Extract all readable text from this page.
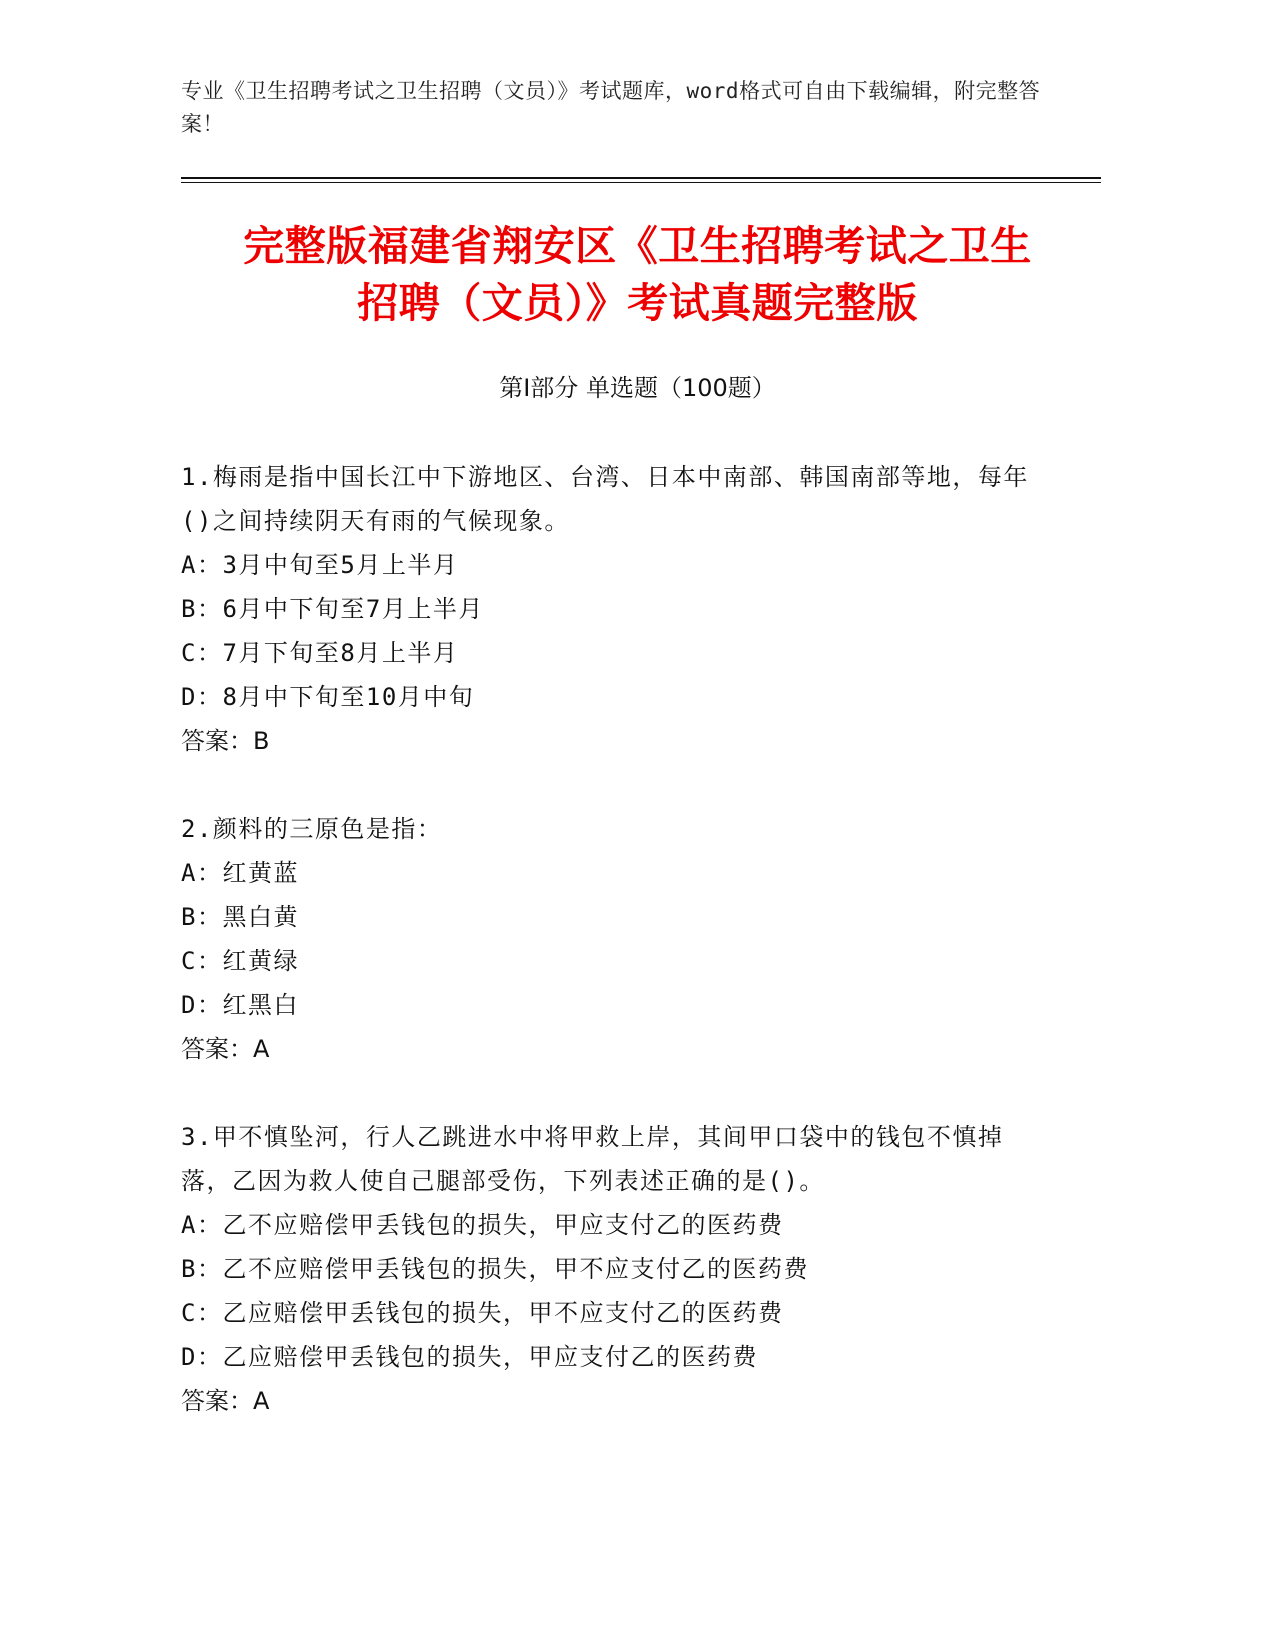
专业《卫生招聘考试之卫生招聘（文员）》考试题库，word格式可自由下载编辑，附完整答案！
完整版福建省翔安区《卫生招聘考试之卫生
招聘（文员）》考试真题完整版
第I部分 单选题（100题）
1.梅雨是指中国长江中下游地区、台湾、日本中南部、韩国南部等地，每年()之间持续阴天有雨的气候现象。
A：3月中旬至5月上半月
B：6月中下旬至7月上半月
C：7月下旬至8月上半月
D：8月中下旬至10月中旬
答案：B
2.颜料的三原色是指：
A：红黄蓝
B：黑白黄
C：红黄绿
D：红黑白
答案：A
3.甲不慎坠河，行人乙跳进水中将甲救上岸，其间甲口袋中的钱包不慎掉落，乙因为救人使自己腿部受伤，下列表述正确的是()。
A：乙不应赔偿甲丢钱包的损失，甲应支付乙的医药费
B：乙不应赔偿甲丢钱包的损失，甲不应支付乙的医药费
C：乙应赔偿甲丢钱包的损失，甲不应支付乙的医药费
D：乙应赔偿甲丢钱包的损失，甲应支付乙的医药费
答案：A
